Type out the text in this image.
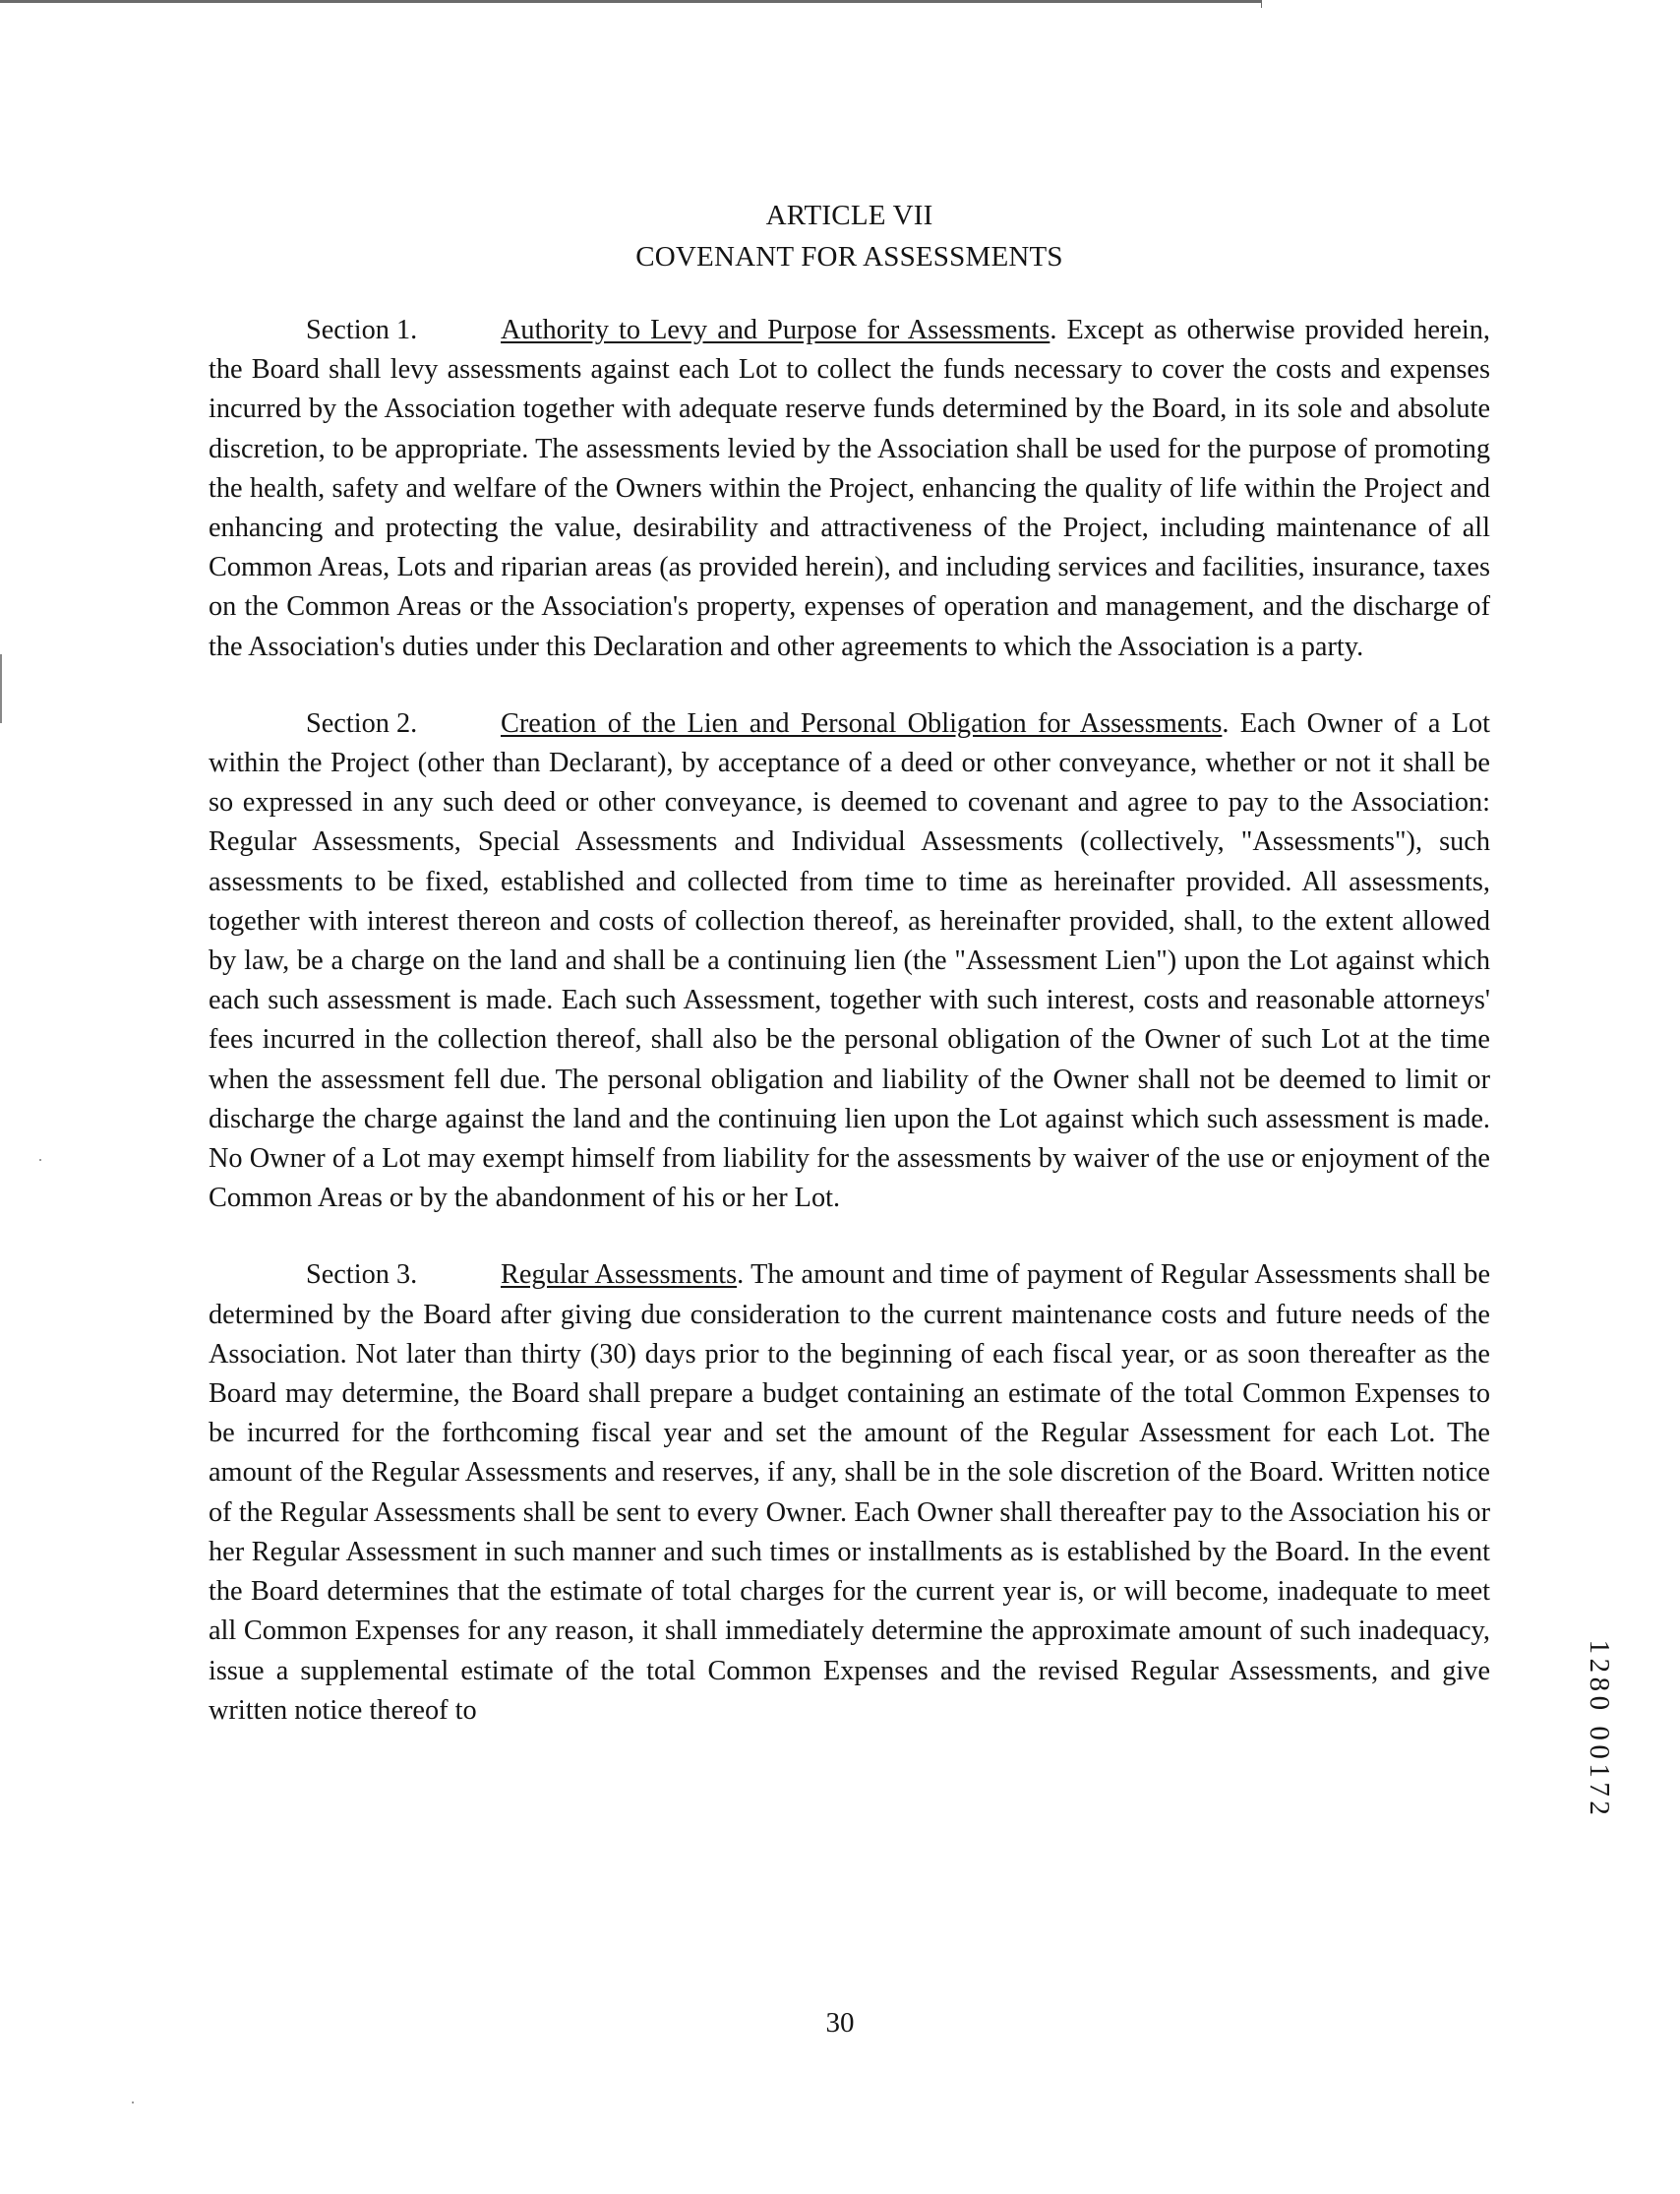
ARTICLE VII
COVENANT FOR ASSESSMENTS

Section 1.	Authority to Levy and Purpose for Assessments. Except as otherwise provided herein, the Board shall levy assessments against each Lot to collect the funds necessary to cover the costs and expenses incurred by the Association together with adequate reserve funds determined by the Board, in its sole and absolute discretion, to be appropriate. The assessments levied by the Association shall be used for the purpose of promoting the health, safety and welfare of the Owners within the Project, enhancing the quality of life within the Project and enhancing and protecting the value, desirability and attractiveness of the Project, including maintenance of all Common Areas, Lots and riparian areas (as provided herein), and including services and facilities, insurance, taxes on the Common Areas or the Association's property, expenses of operation and management, and the discharge of the Association's duties under this Declaration and other agreements to which the Association is a party.

Section 2.	Creation of the Lien and Personal Obligation for Assessments. Each Owner of a Lot within the Project (other than Declarant), by acceptance of a deed or other conveyance, whether or not it shall be so expressed in any such deed or other conveyance, is deemed to covenant and agree to pay to the Association: Regular Assessments, Special Assessments and Individual Assessments (collectively, "Assessments"), such assessments to be fixed, established and collected from time to time as hereinafter provided. All assessments, together with interest thereon and costs of collection thereof, as hereinafter provided, shall, to the extent allowed by law, be a charge on the land and shall be a continuing lien (the "Assessment Lien") upon the Lot against which each such assessment is made. Each such Assessment, together with such interest, costs and reasonable attorneys' fees incurred in the collection thereof, shall also be the personal obligation of the Owner of such Lot at the time when the assessment fell due. The personal obligation and liability of the Owner shall not be deemed to limit or discharge the charge against the land and the continuing lien upon the Lot against which such assessment is made. No Owner of a Lot may exempt himself from liability for the assessments by waiver of the use or enjoyment of the Common Areas or by the abandonment of his or her Lot.

Section 3.	Regular Assessments. The amount and time of payment of Regular Assessments shall be determined by the Board after giving due consideration to the current maintenance costs and future needs of the Association. Not later than thirty (30) days prior to the beginning of each fiscal year, or as soon thereafter as the Board may determine, the Board shall prepare a budget containing an estimate of the total Common Expenses to be incurred for the forthcoming fiscal year and set the amount of the Regular Assessment for each Lot. The amount of the Regular Assessments and reserves, if any, shall be in the sole discretion of the Board. Written notice of the Regular Assessments shall be sent to every Owner. Each Owner shall thereafter pay to the Association his or her Regular Assessment in such manner and such times or installments as is established by the Board. In the event the Board determines that the estimate of total charges for the current year is, or will become, inadequate to meet all Common Expenses for any reason, it shall immediately determine the approximate amount of such inadequacy, issue a supplemental estimate of the total Common Expenses and the revised Regular Assessments, and give written notice thereof to	1280 00172
30
